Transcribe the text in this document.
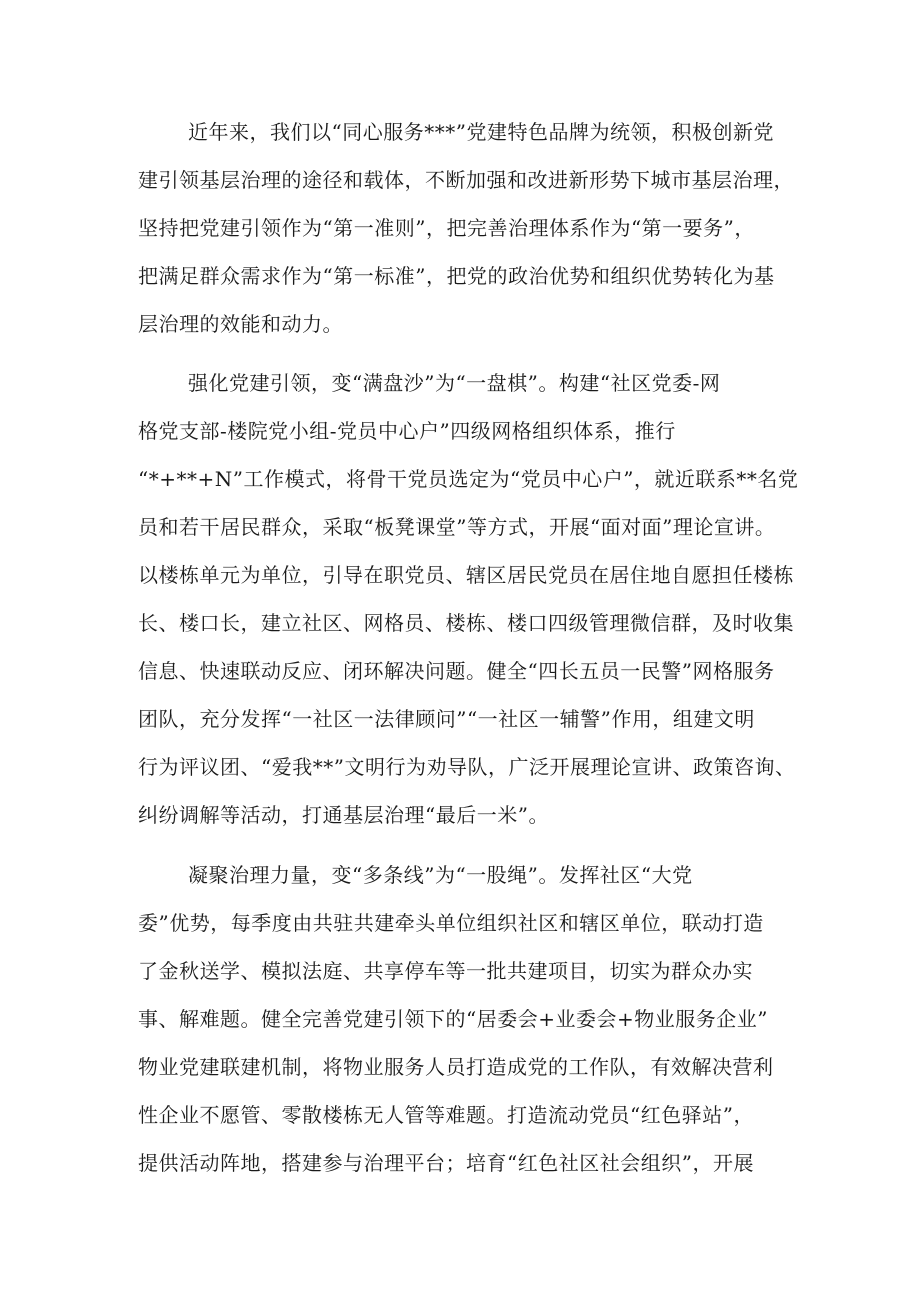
近年来，我们以“同心服务***”党建特色品牌为统领，积极创新党
建引领基层治理的途径和载体，不断加强和改进新形势下城市基层治理，
坚持把党建引领作为“第一准则”，把完善治理体系作为“第一要务”，
把满足群众需求作为“第一标准”，把党的政治优势和组织优势转化为基
层治理的效能和动力。
强化党建引领，变“满盘沙”为“一盘棋”。构建“社区党委-网
格党支部-楼院党小组-党员中心户”四级网格组织体系，推行
“*+**+N”工作模式，将骨干党员选定为“党员中心户”，就近联系**名党
员和若干居民群众，采取“板凳课堂”等方式，开展“面对面”理论宣讲。
以楼栋单元为单位，引导在职党员、辖区居民党员在居住地自愿担任楼栋
长、楼口长，建立社区、网格员、楼栋、楼口四级管理微信群，及时收集
信息、快速联动反应、闭环解决问题。健全“四长五员一民警”网格服务
团队，充分发挥“一社区一法律顾问”“一社区一辅警”作用，组建文明
行为评议团、“爱我**”文明行为劝导队，广泛开展理论宣讲、政策咨询、
纠纷调解等活动，打通基层治理“最后一米”。
凝聚治理力量，变“多条线”为“一股绳”。发挥社区“大党
委”优势，每季度由共驻共建牵头单位组织社区和辖区单位，联动打造
了金秋送学、模拟法庭、共享停车等一批共建项目，切实为群众办实
事、解难题。健全完善党建引领下的“居委会+业委会+物业服务企业”
物业党建联建机制，将物业服务人员打造成党的工作队，有效解决营利
性企业不愿管、零散楼栋无人管等难题。打造流动党员“红色驿站”，
提供活动阵地，搭建参与治理平台；培育“红色社区社会组织”，开展
